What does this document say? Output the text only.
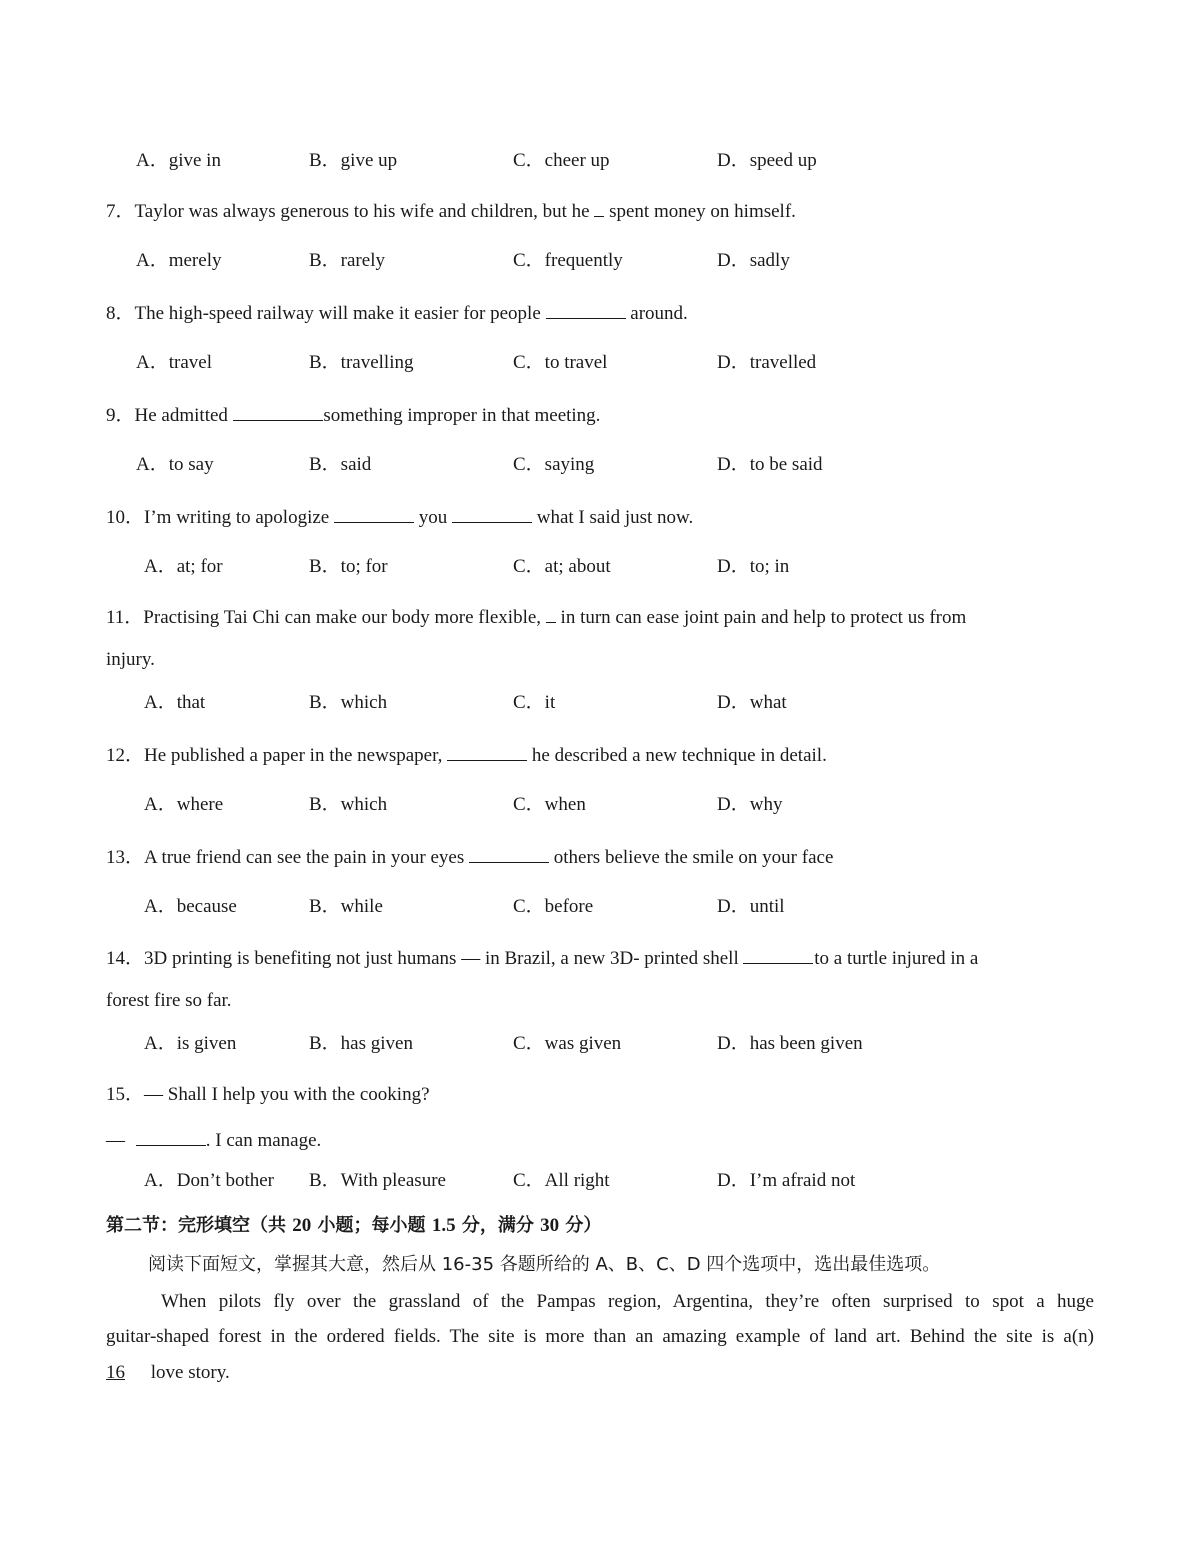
A．give in	B．give up	C．cheer up	D．speed up
7．Taylor was always generous to his wife and children, but he spent money on himself.
A．merely	B．rarely	C．frequently	D．sadly
8．The high-speed railway will make it easier for people	around.
A．travel	B．travelling	C．to travel	D．travelled
9．He admitted	something improper in that meeting.
A．to say	B．said	C．saying	D．to be said
10．I’m writing to apologize	you	what I said just now.
A．at; for	B．to; for	C．at; about	D．to; in
11．Practising Tai Chi can make our body more flexible, in turn can ease joint pain and help to protect us from
injury.
A．that	B．which	C．it	D．what
12．He published a paper in the newspaper,	he described a new technique in detail.
A．where	B．which	C．when	D．why
13．A true friend can see the pain in your eyes	others believe the smile on your face
A．because	B．while	C．before	D．until
14．3D printing is benefiting not just humans — in Brazil, a new 3D- printed shell	to a turtle injured in a
forest fire so far.
A．is given	B．has given	C．was given	D．has been given
15．— Shall I help you with the cooking?
—	. I can manage.
A．Don’t bother B．With pleasure	C．All right	D．I’m afraid not
第二节：完形填空（共 20 小题；每小题 1.5 分，满分 30 分）
阅读下面短文，掌握其大意，然后从 16-35 各题所给的 A、B、C、D 四个选项中，选出最佳选项。
When pilots fly over the grassland of the Pampas region, Argentina, they’re often surprised to spot a huge
guitar-shaped forest in the ordered fields. The site is more than an amazing example of land art. Behind the site is a(n)
16 love story.
